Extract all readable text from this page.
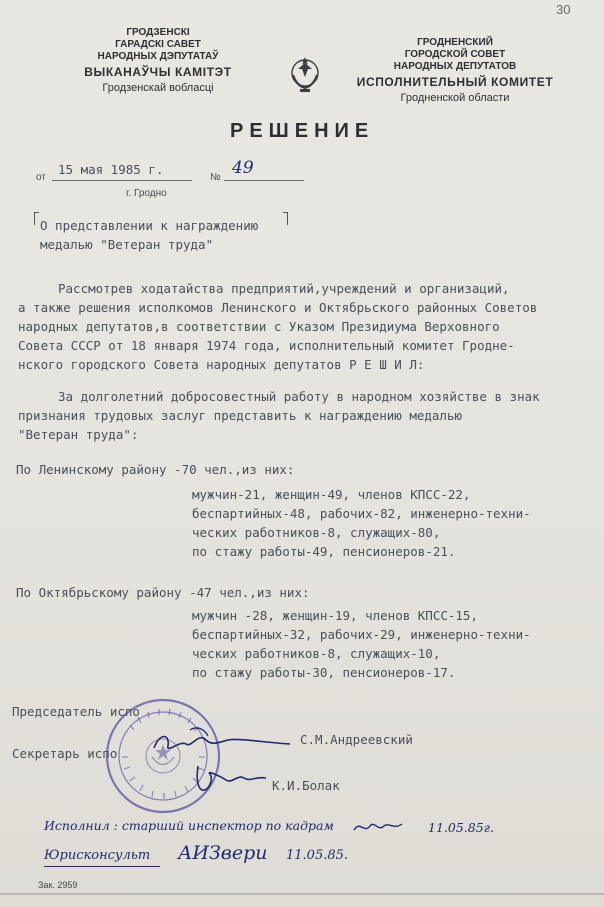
30
ГРОДЗЕНСКІ
ГАРАДСКІ САВЕТ
НАРОДНЫХ ДЭПУТАТАЎ
ВЫКАНАЎЧЫ КАМІТЭТ
Гродзенскай вобласці
ГРОДНЕНСКИЙ
ГОРОДСКОЙ СОВЕТ
НАРОДНЫХ ДЕПУТАТОВ
ИСПОЛНИТЕЛЬНЫЙ КОМИТЕТ
Гродненской области
РЕШЕНИЕ
от
15 мая 1985 г.
№ 49
г. Гродно
О представлении к награждению
медалью "Ветеран труда"
Рассмотрев ходатайства предприятий,учреждений и организаций,
а также решения исполкомов Ленинского и Октябрьского районных Советов
народных депутатов,в соответствии с Указом Президиума Верховного
Совета СССР от 18 января 1974 года, исполнительный комитет Гродне-
нского городского Совета народных депутатов Р Е Ш И Л:
За долголетний добросовестный работу в народном хозяйстве в знак
признания трудовых заслуг представить к награждению медалью
"Ветеран труда":
По Ленинскому району -70 чел.,из них:
мужчин-21, женщин-49, членов КПСС-22,
беспартийных-48, рабочих-82, инженерно-техни-
ческих работников-8, служащих-80,
по стажу работы-49, пенсионеров-21.
По Октябрьскому району -47 чел.,из них:
мужчин -28, женщин-19, членов КПСС-15,
беспартийных-32, рабочих-29, инженерно-техни-
ческих работников-8, служащих-10,
по стажу работы-30, пенсионеров-17.
Председатель испо
С.М.Андреевский
Секретарь испо
К.И.Болак
Исполнил : старший инспектор по кадрам	11.05.85г.
Юрисконсульт АИЗвери 11.05.85.
Зак. 2959
